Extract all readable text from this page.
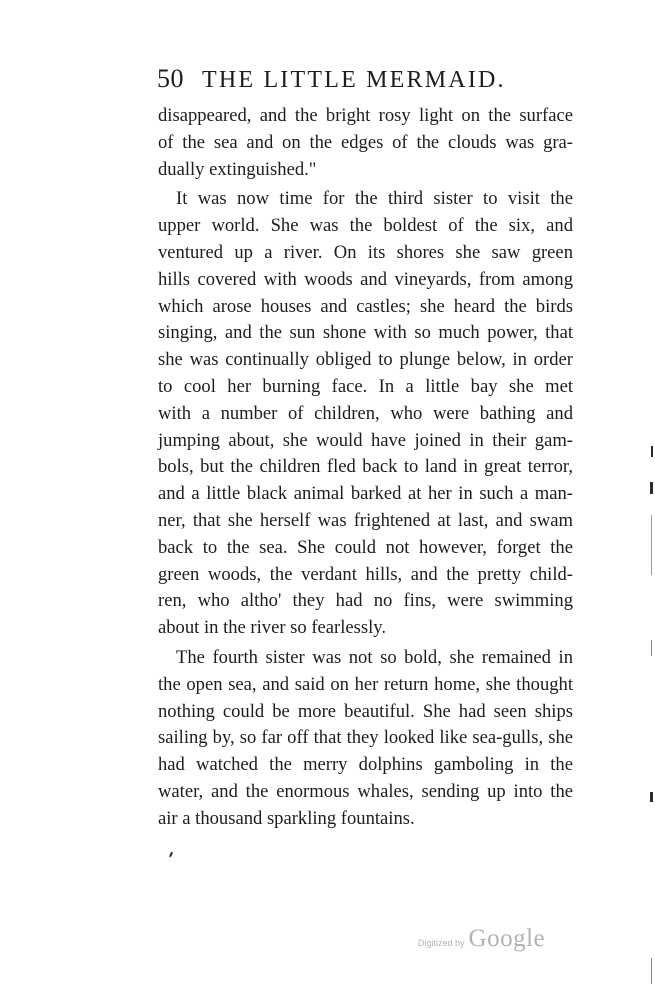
50 THE LITTLE MERMAID.

disappeared, and the bright rosy light on the surface
of the sea and on the edges of the clouds was gra-
dually extinguished."

It was now time for the third sister to visit the
upper world. She was the boldest of the six, and
ventured up a river. On its shores she saw green
hills covered with woods and vineyards, from among
which arose houses and castles; she heard the birds
singing, and the sun shone with so much power, that
she was continually obliged to plunge below, in order
to cool her burning face. In a little bay she met
with a number of children, who were bathing and
jumping about, she would have joined in their gam-
bols, but the children fled back to land in great terror,
and a little black animal barked at her in such a man-
ner, that she herself was frightened at last, and swam
back to the sea. She could not however, forget the
green woods, the verdant hills, and the pretty child-
ren, who altho' they had no fins, were swimming
about in the river so fearlessly.

The fourth sister was not so bold, she remained in
the open sea, and said on her return home, she thought
nothing could be more beautiful. She had seen ships
sailing by, so far off that they looked like sea-gulls, she
had watched the merry dolphins gamboling in the
water, and the enormous whales, sending up into the
air a thousand sparkling fountains.

Digitized by Google
